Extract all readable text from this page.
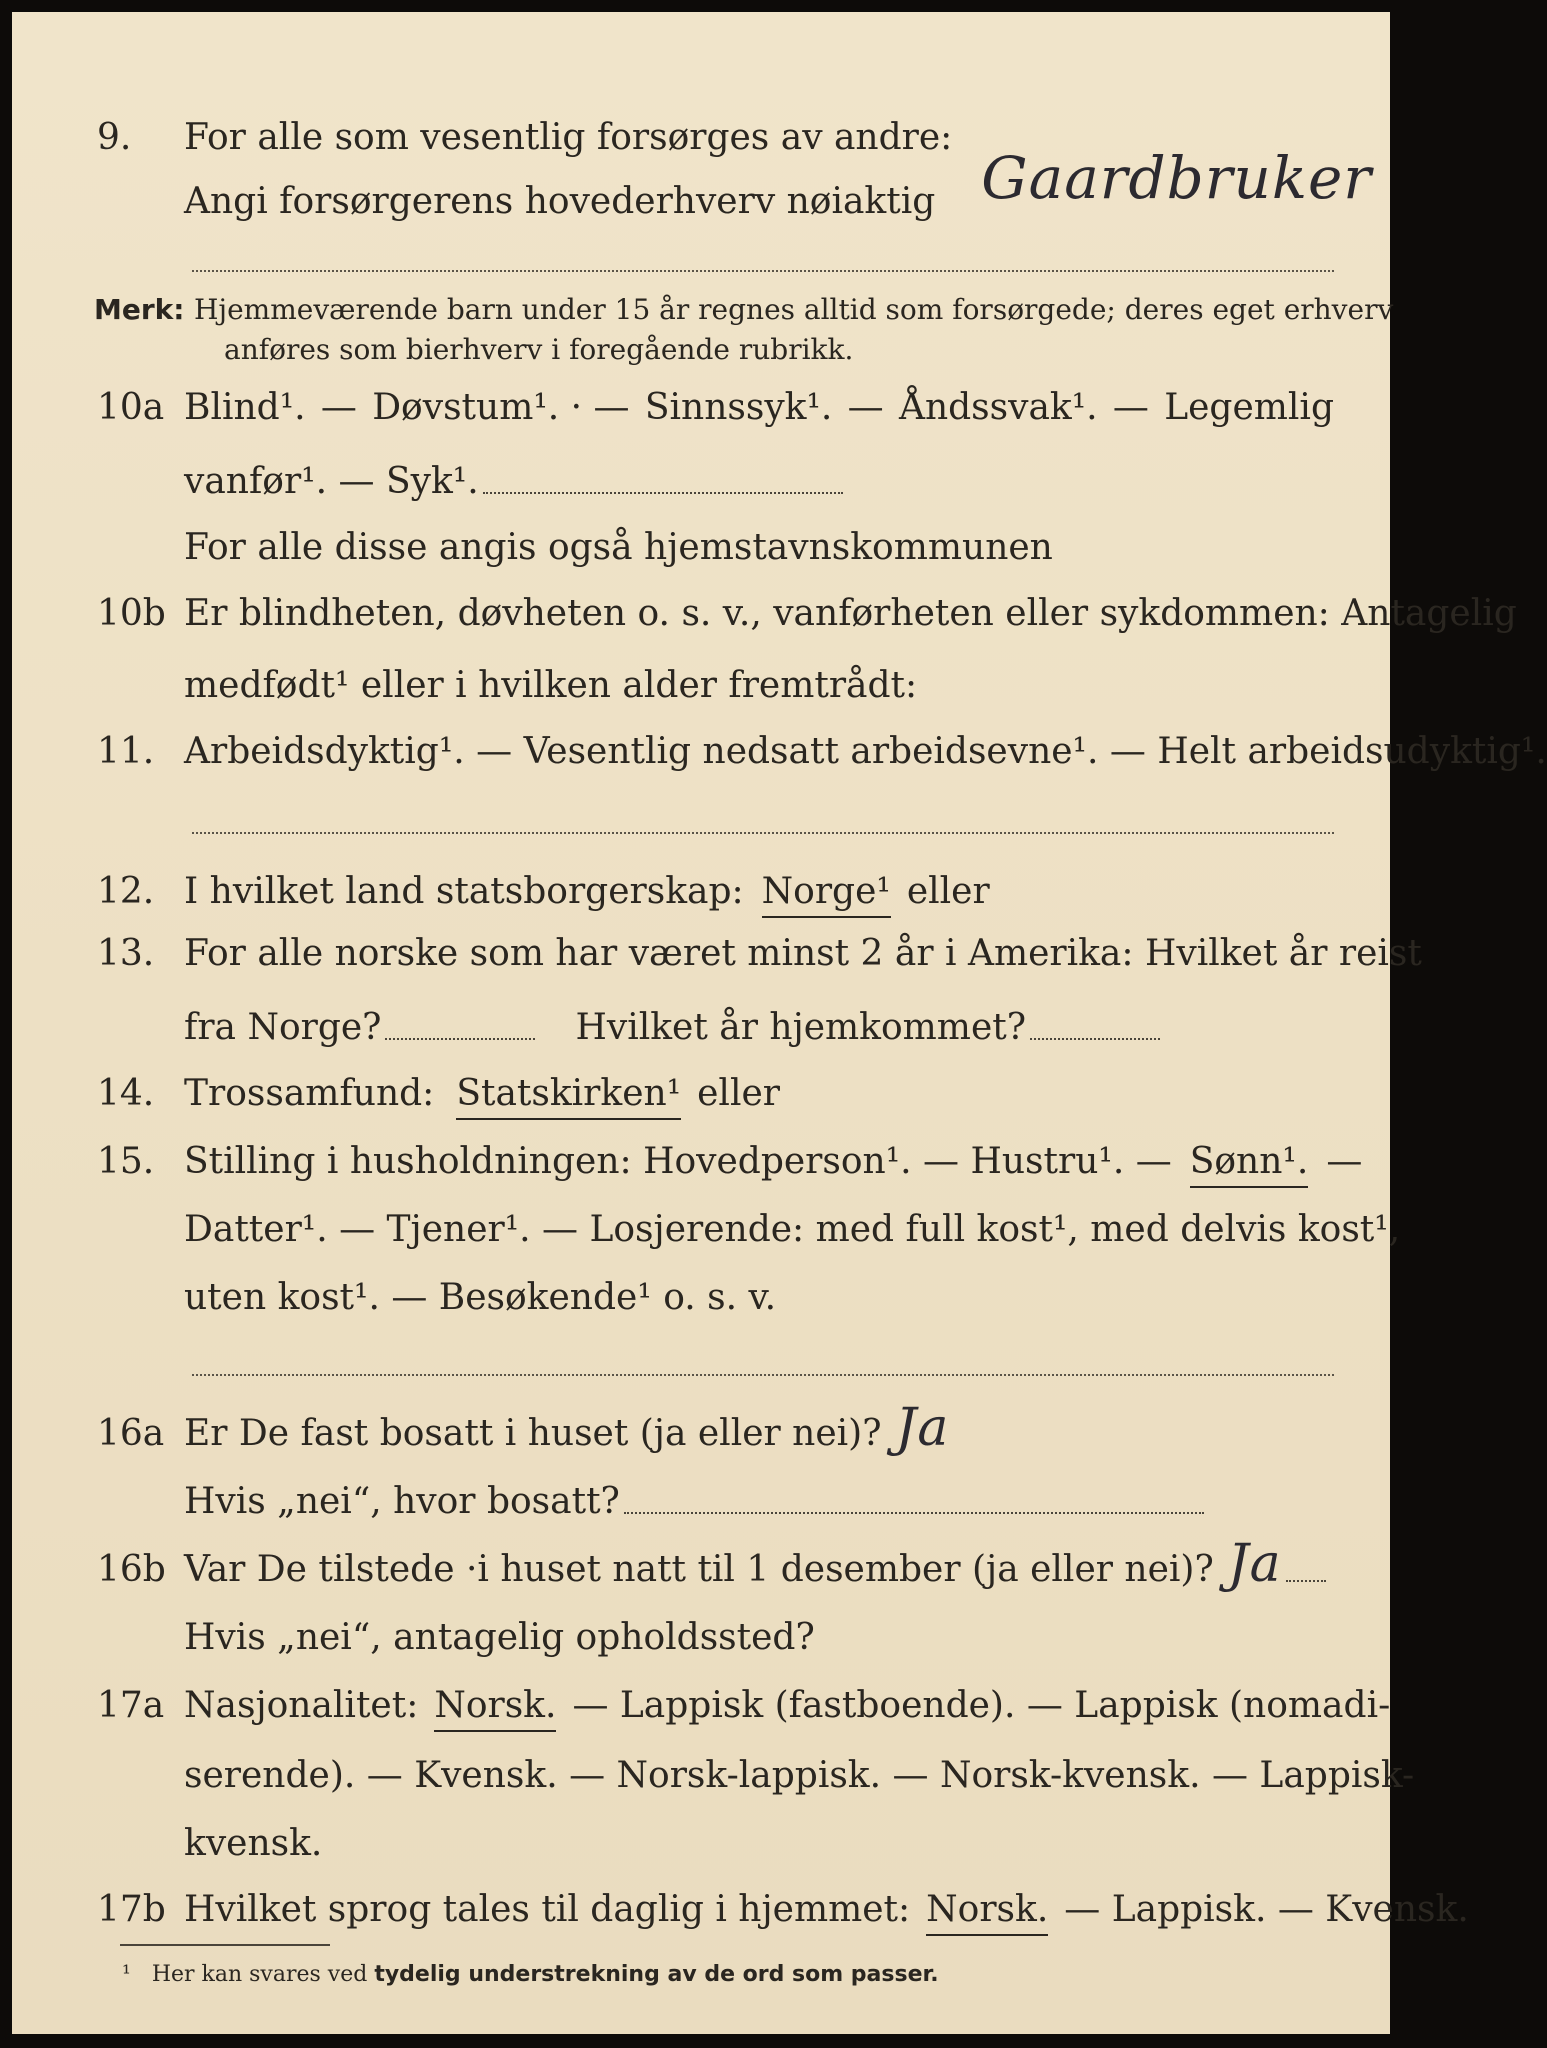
9.	For alle som vesentlig forsørges av andre:
Angi forsørgerens hovederhverv nøiaktig Gaardbruker
Merk: Hjemmeværende barn under 15 år regnes alltid som forsørgede; deres eget erhverv
anføres som bierhverv i foregående rubrikk.
10a Blind¹. — Døvstum¹. · — Sinnssyk¹. — Åndssvak¹. — Legemlig
vanfør¹. — Syk¹.
For alle disse angis også hjemstavnskommunen
10b Er blindheten, døvheten o. s. v., vanførheten eller sykdommen: Antagelig
medfødt¹ eller i hvilken alder fremtrådt:
11. Arbeidsdyktig¹. — Vesentlig nedsatt arbeidsevne¹. — Helt arbeidsudyktig¹.
12. I hvilket land statsborgerskap: Norge¹ eller
13. For alle norske som har været minst 2 år i Amerika: Hvilket år reist
fra Norge?	Hvilket år hjemkommet?
14. Trossamfund: Statskirken¹ eller
15. Stilling i husholdningen: Hovedperson¹. — Hustru¹. — Sønn¹. —
Datter¹. — Tjener¹. — Losjerende: med full kost¹, med delvis kost¹,
uten kost¹. — Besøkende¹ o. s. v.
16a Er De fast bosatt i huset (ja eller nei)? Ja
Hvis „nei“, hvor bosatt?
16b Var De tilstede ·i huset natt til 1 desember (ja eller nei)? Ja
Hvis „nei“, antagelig opholdssted?
17a Nasjonalitet: Norsk. — Lappisk (fastboende). — Lappisk (nomadi-
serende). — Kvensk. — Norsk-lappisk. — Norsk-kvensk. — Lappisk-
kvensk.
17b Hvilket sprog tales til daglig i hjemmet: Norsk. — Lappisk. — Kvensk.
¹ Her kan svares ved tydelig understrekning av de ord som passer.
